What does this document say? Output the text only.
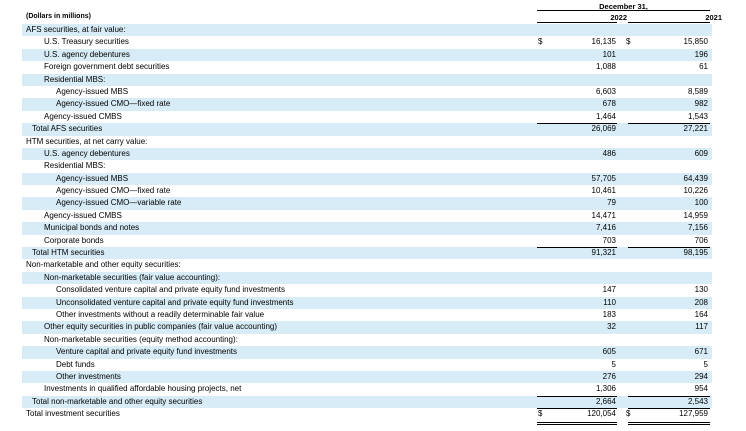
December 31,
(Dollars in millions)	2022	2021
AFS securities, at fair value:
U.S. Treasury securities	$	16,135 $	15,850
U.S. agency debentures	101	196
Foreign government debt securities	1,088	61
Residential MBS:
Agency-issued MBS	6,603	8,589
Agency-issued CMO—fixed rate	678	982
Agency-issued CMBS	1,464	1,543
Total AFS securities	26,069	27,221
HTM securities, at net carry value:
U.S. agency debentures	486	609
Residential MBS:
Agency-issued MBS	57,705	64,439
Agency-issued CMO—fixed rate	10,461	10,226
Agency-issued CMO—variable rate	79	100
Agency-issued CMBS	14,471	14,959
Municipal bonds and notes	7,416	7,156
Corporate bonds	703	706
Total HTM securities	91,321	98,195
Non-marketable and other equity securities:
Non-marketable securities (fair value accounting):
Consolidated venture capital and private equity fund investments	147	130
Unconsolidated venture capital and private equity fund investments	110	208
Other investments without a readily determinable fair value	183	164
Other equity securities in public companies (fair value accounting)	32	117
Non-marketable securities (equity method accounting):
Venture capital and private equity fund investments	605	671
Debt funds	5	5
Other investments	276	294
Investments in qualified affordable housing projects, net	1,306	954
Total non-marketable and other equity securities	2,664	2,543
Total investment securities	$	120,054 $	127,959
